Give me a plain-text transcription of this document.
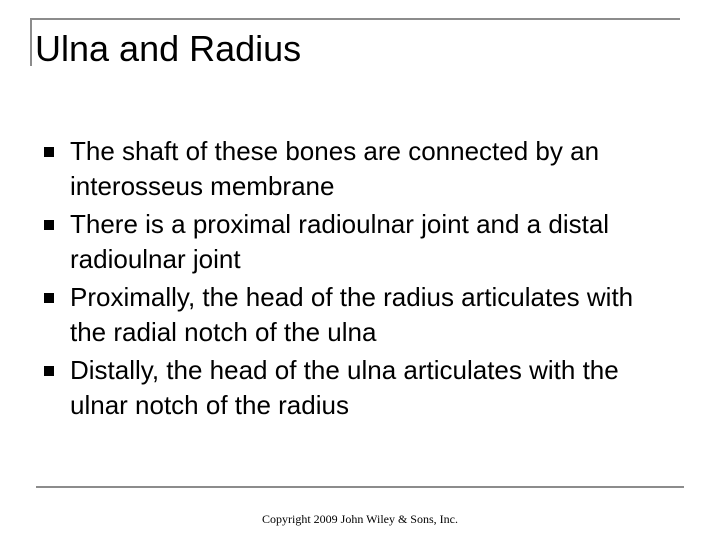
Ulna and Radius
The shaft of these bones are connected by an interosseus membrane
There is a proximal radioulnar joint and a distal radioulnar joint
Proximally, the head of the radius articulates with the radial notch of the ulna
Distally, the head of the ulna articulates with the ulnar notch of the radius
Copyright 2009 John Wiley & Sons, Inc.
